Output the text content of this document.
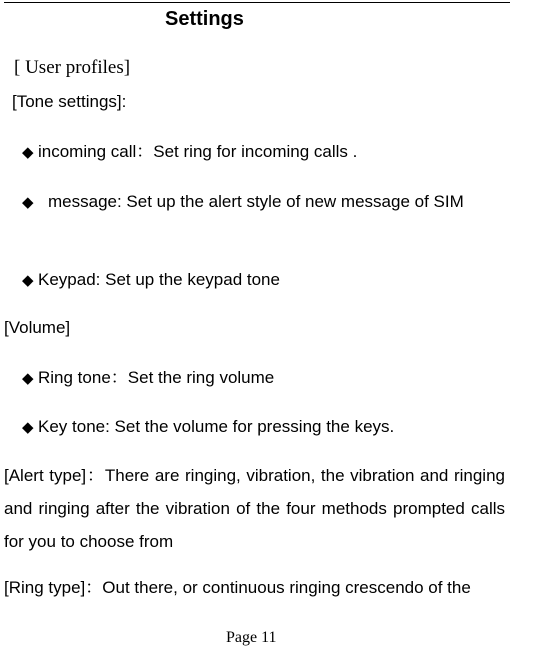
Settings
[ User profiles]
[Tone settings]:
◆ incoming call：Set ring for incoming calls .
◆ message: Set up the alert style of new message of SIM
◆ Keypad: Set up the keypad tone
[Volume]
◆ Ring tone：Set the ring volume
◆ Key tone: Set the volume for pressing the keys.
[Alert type]：There are ringing, vibration, the vibration and ringing and ringing after the vibration of the four methods prompted calls for you to choose from
[Ring type]：Out there, or continuous ringing crescendo of the
Page 11
